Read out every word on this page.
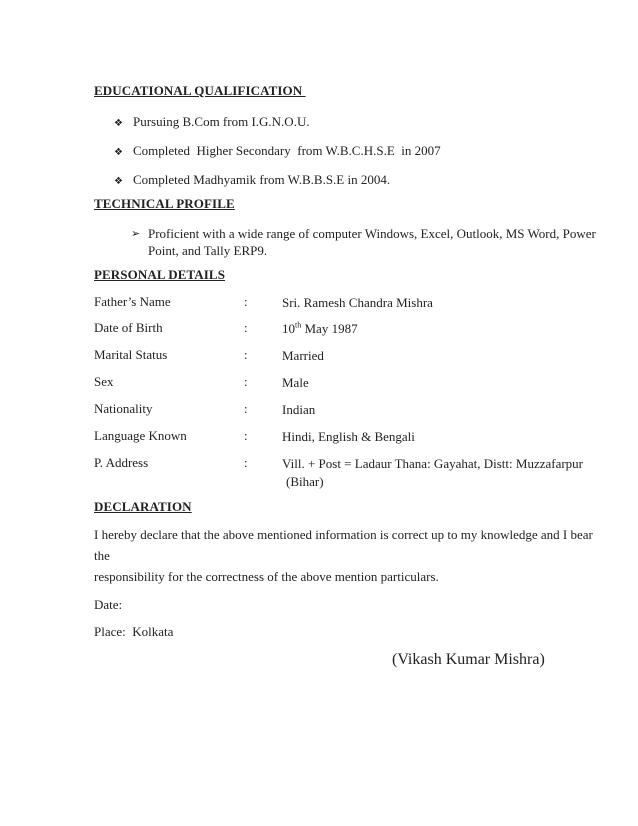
EDUCATIONAL QUALIFICATION
❖ Pursuing B.Com from I.G.N.O.U.
❖ Completed  Higher Secondary  from W.B.C.H.S.E  in 2007
❖ Completed Madhyamik from W.B.B.S.E in 2004.
TECHNICAL PROFILE
➢ Proficient with a wide range of computer Windows, Excel, Outlook, MS Word, Power
Point, and Tally ERP9.
PERSONAL DETAILS
Father’s Name	:	Sri. Ramesh Chandra Mishra
Date of Birth	:	10th May 1987
Marital Status	:	Married
Sex	:	Male
Nationality	:	Indian
Language Known	:	Hindi, English & Bengali
P. Address	:	Vill. + Post = Ladaur Thana: Gayahat, Distt: Muzzafarpur
(Bihar)
DECLARATION
I hereby declare that the above mentioned information is correct up to my knowledge and I bear the
responsibility for the correctness of the above mention particulars.
Date:
Place:  Kolkata
(Vikash Kumar Mishra)
